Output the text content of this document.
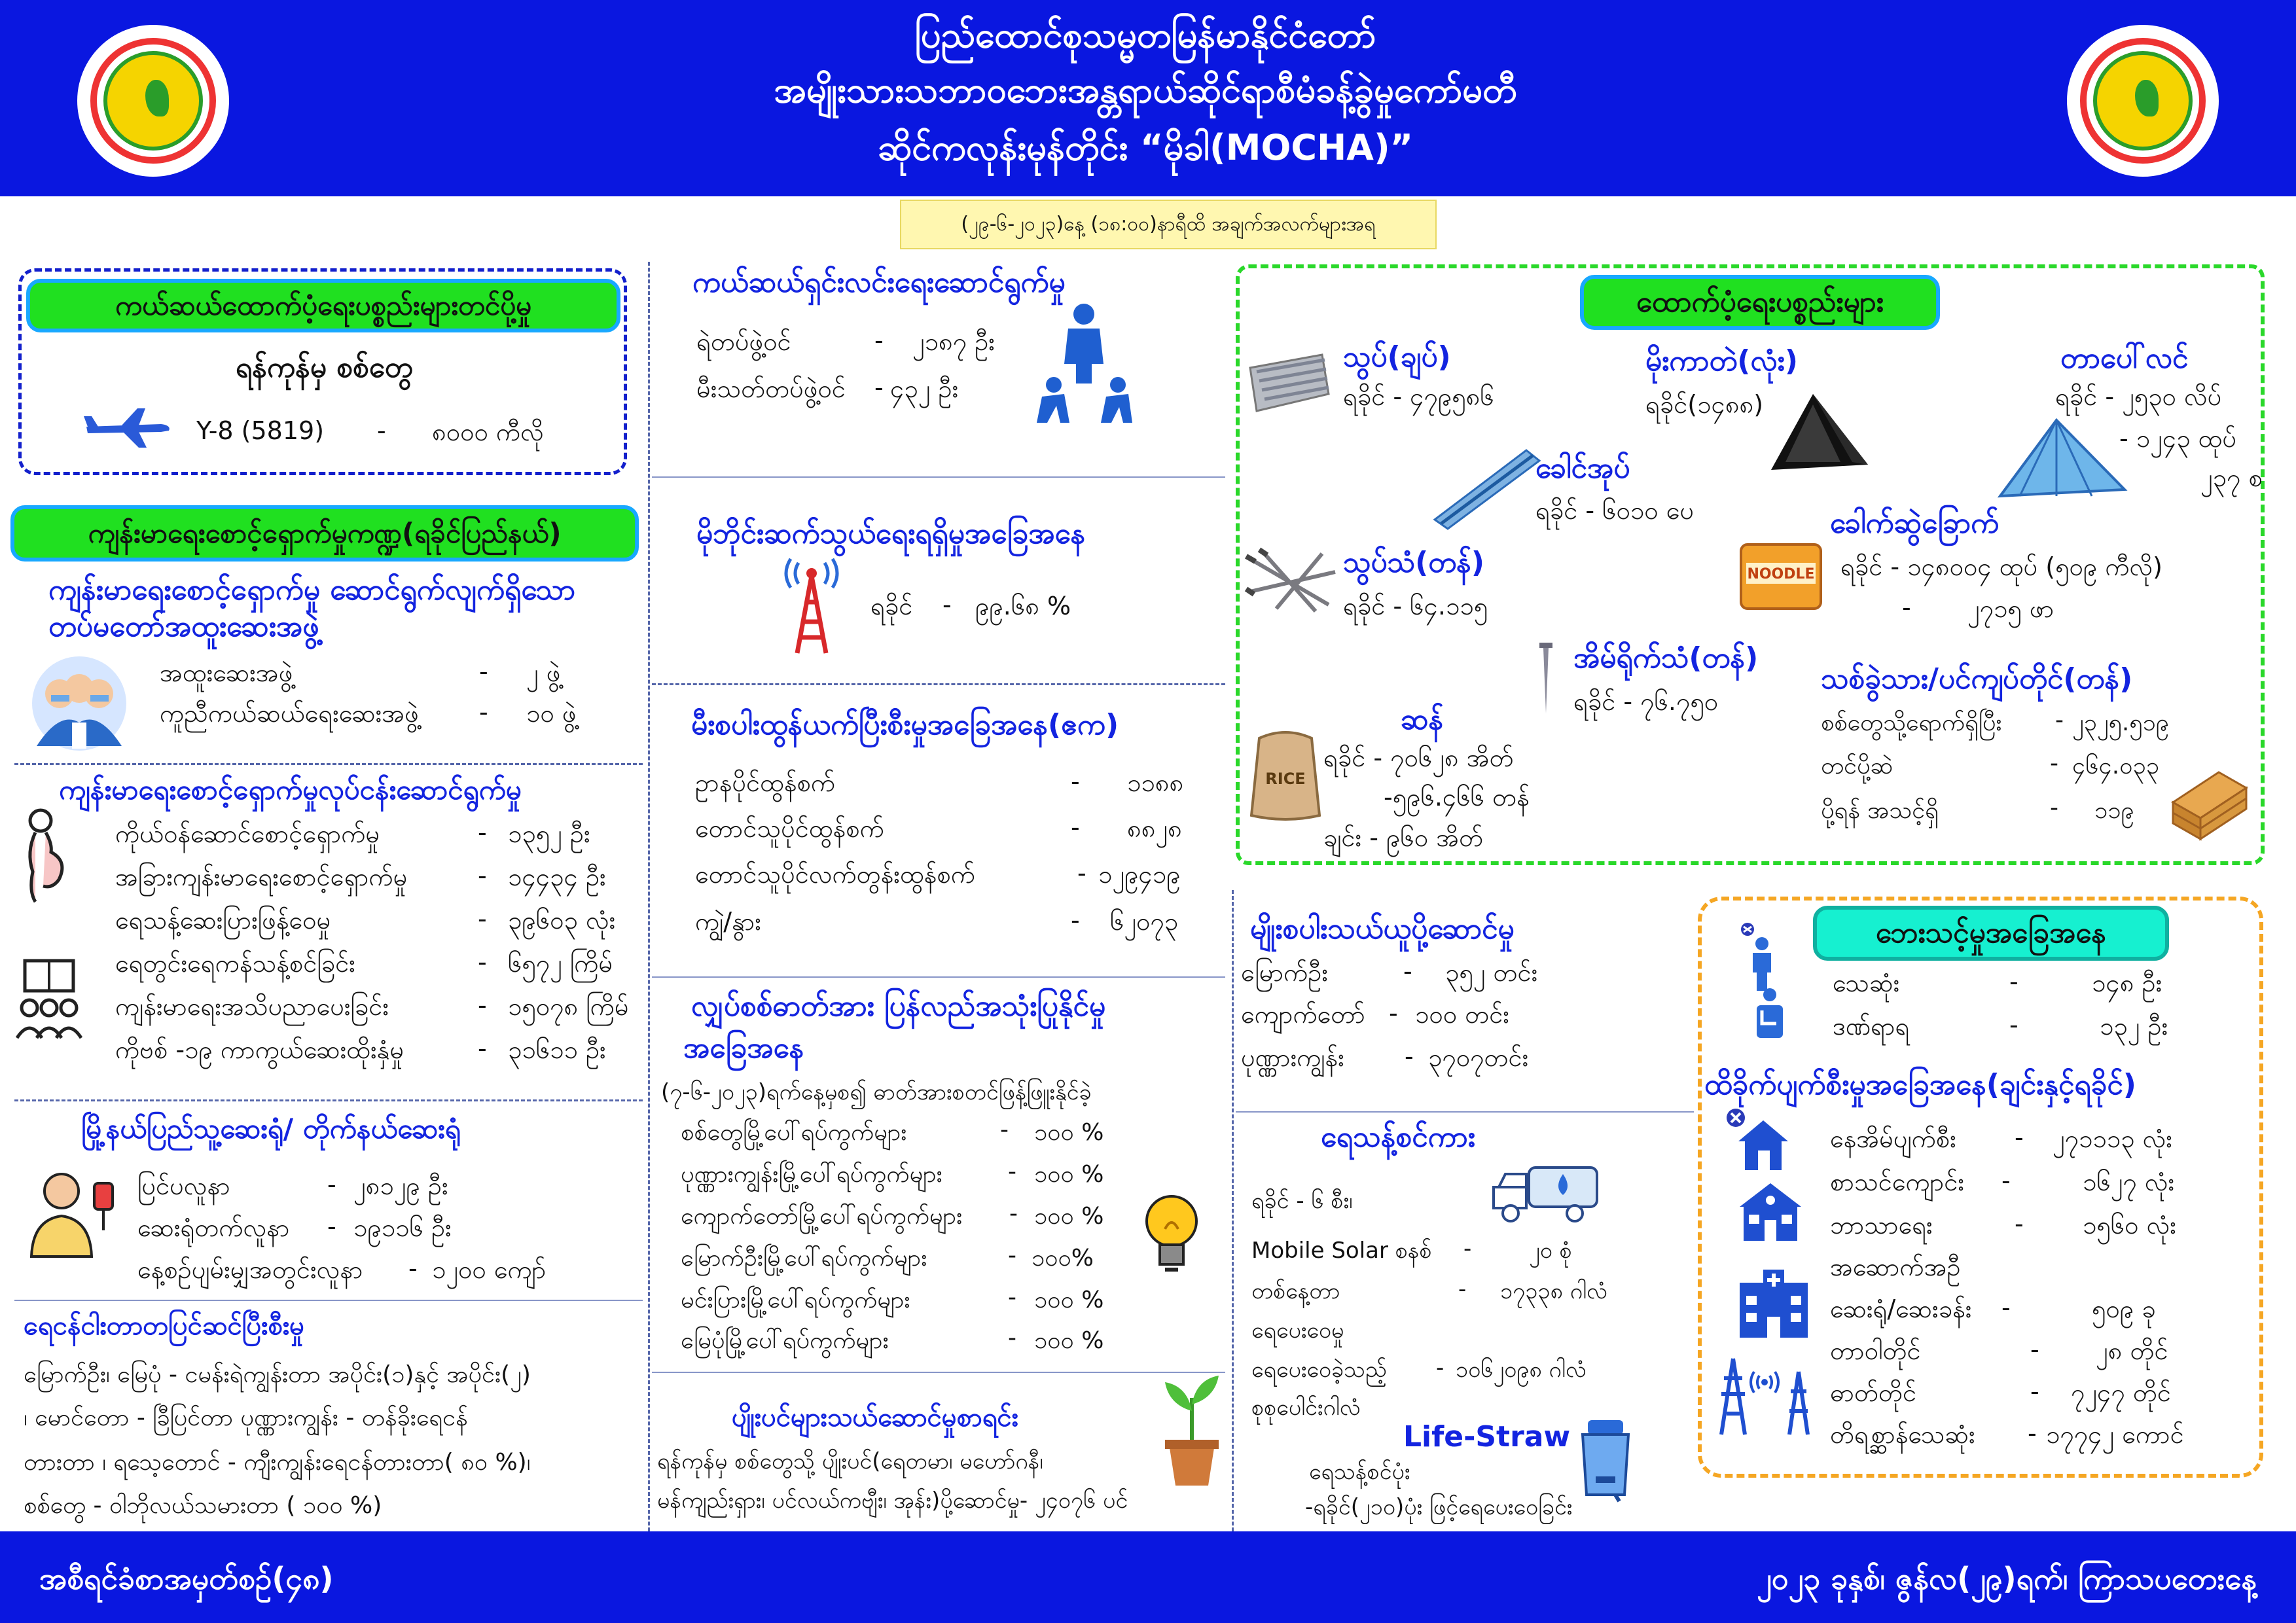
ပြည်ထောင်စုသမ္မတမြန်မာနိုင်ငံတော်
အမျိုးသားသဘာဝဘေးအန္တရာယ်ဆိုင်ရာစီမံခန့်ခွဲမှုကော်မတီ
ဆိုင်ကလုန်းမုန်တိုင်း “မိုခါ(MOCHA)”
(၂၉-၆-၂၀၂၃)နေ့ (၁၈:၀၀)နာရီထိ အချက်အလက်များအရ
ကယ်ဆယ်ထောက်ပံ့ရေးပစ္စည်းများတင်ပို့မှု
ရန်ကုန်မှ စစ်တွေ
Y-8 (5819) - ၈၀၀၀ ကီလို
ကျန်းမာရေးစောင့်ရှောက်မှုကဏ္ဍ(ရခိုင်ပြည်နယ်)
ကျန်းမာရေးစောင့်ရှောက်မှု ဆောင်ရွက်လျက်ရှိသော တပ်မတော်အထူးဆေးအဖွဲ့
အထူးဆေးအဖွဲ့	- ၂ ဖွဲ့
ကူညီကယ်ဆယ်ရေးဆေးအဖွဲ့ - ၁၀ ဖွဲ့
ကျန်းမာရေးစောင့်ရှောက်မှုလုပ်ငန်းဆောင်ရွက်မှု
ကိုယ်ဝန်ဆောင်စောင့်ရှောက်မှု	- ၁၃၅၂ ဦး
အခြားကျန်းမာရေးစောင့်ရှောက်မှု	- ၁၄၄၃၄ ဦး
ရေသန့်ဆေးပြားဖြန့်ဝေမှု	- ၃၉၆၀၃ လုံး
ရေတွင်းရေကန်သန့်စင်ခြင်း	- ၆၅၇၂ ကြိမ်
ကျန်းမာရေးအသိပညာပေးခြင်း	- ၁၅၀၇၈ ကြိမ်
ကိုဗစ် -၁၉ ကာကွယ်ဆေးထိုးနှံမှု	- ၃၁၆၁၁ ဦး
မြို့နယ်ပြည်သူ့ဆေးရုံ/ တိုက်နယ်ဆေးရုံ
ပြင်ပလူနာ	- ၂၈၁၂၉ ဦး
ဆေးရုံတက်လူနာ - ၁၉၁၁၆ ဦး
နေ့စဉ်ပျမ်းမျှအတွင်းလူနာ - ၁၂၀၀ ကျော်
ရေငန်ငါးတာတပြင်ဆင်ပြီးစီးမှု
မြောက်ဦး၊ မြေပုံ - ငမန်းရဲကျွန်းတာ အပိုင်း(၁)နှင့် အပိုင်း(၂)
၊ မောင်တော - ခြီပြင်တာ ပုဏ္ဏားကျွန်း - တန်ခိုးရေငန်
တားတာ ၊ ရသေ့တောင် - ကျီးကျွန်းရေငန်တားတာ( ၈၀ %)၊
စစ်တွေ - ဝါဘိုလယ်သမားတာ ( ၁၀၀ %)
ကယ်ဆယ်ရှင်းလင်းရေးဆောင်ရွက်မှု
ရဲတပ်ဖွဲ့ဝင်	- ၂၁၈၇ ဦး
မီးသတ်တပ်ဖွဲ့ဝင် - ၄၃၂ ဦး
မိုဘိုင်းဆက်သွယ်ရေးရရှိမှုအခြေအနေ
ရခိုင် - ၉၉.၆၈ %
မီးစပါးထွန်ယက်ပြီးစီးမှုအခြေအနေ(ဧက)
ဥာနပိုင်ထွန်စက်	- ၁၁၈၈
တောင်သူပိုင်ထွန်စက်	- ၈၈၂၈
တောင်သူပိုင်လက်တွန်းထွန်စက်	- ၁၂၉၄၁၉
ကျွဲ/နွား	- ၆၂၀၇၃
လျှပ်စစ်ဓာတ်အား ပြန်လည်အသုံးပြုနိုင်မှု
အခြေအနေ
(၇-၆-၂၀၂၃)ရက်နေ့မှစ၍ ဓာတ်အားစတင်ဖြန့်ဖြူးနိုင်ခဲ့
စစ်တွေမြို့ပေါ်ရပ်ကွက်များ	- ၁၀၀ %
ပုဏ္ဏားကျွန်းမြို့ပေါ်ရပ်ကွက်များ	- ၁၀၀ %
ကျောက်တော်မြို့ပေါ်ရပ်ကွက်များ - ၁၀၀ %
မြောက်ဦးမြို့ပေါ်ရပ်ကွက်များ	- ၁၀၀%
မင်းပြားမြို့ပေါ်ရပ်ကွက်များ	- ၁၀၀ %
မြေပုံမြို့ပေါ်ရပ်ကွက်များ	- ၁၀၀ %
ပျိုးပင်များသယ်ဆောင်မှုစာရင်း
ရန်ကုန်မှ စစ်တွေသို့ ပျိုးပင်(ရေတမာ၊ မဟော်ဂနီ၊
မန်ကျည်းရှား၊ ပင်လယ်ကဗျီး၊ အုန်း)ပို့ဆောင်မှု- ၂၄၀၇၆ ပင်
ထောက်ပံ့ရေးပစ္စည်းများ
သွပ်(ချပ်)
ရခိုင် - ၄၇၉၅၈၆
မိုးကာတဲ(လုံး)
ရခိုင်(၁၄၈၈)
တာပေါ်လင်
ရခိုင် - ၂၅၃၀ လိပ်
- ၁၂၄၃ ထုပ်
၂၃၇ စ
ခေါင်အုပ်
ရခိုင် - ၆၀၁၀ ပေ	ခေါက်ဆွဲခြောက်
ရခိုင် - ၁၄၈၀၀၄ ထုပ် (၅၀၉ ကီလို)
- ၂၇၁၅ ဖာ
NOODLE
သွပ်သံ(တန်)
ရခိုင် - ၆၄.၁၁၅
အိမ်ရိုက်သံ(တန်)
ရခိုင် - ၇၆.၇၅၀
သစ်ခွဲသား/ပင်ကျပ်တိုင်(တန်)
စစ်တွေသို့ရောက်ရှိပြီး - ၂၃၂၅.၅၁၉
တင်ပို့ဆဲ	- ၄၆၄.၀၃၃
ပို့ရန် အသင့်ရှိ	- ၁၁၉
RICE
ဆန်
ရခိုင် - ၇၀၆၂၈ အိတ်
-၅၉၆.၄၆၆ တန်
ချင်း - ၉၆၀ အိတ်
မျိုးစပါးသယ်ယူပို့ဆောင်မှု
မြောက်ဦး	- ၃၅၂ တင်း
ကျောက်တော် - ၁၀၀ တင်း
ပုဏ္ဏားကျွန်း - ၃၇၀၇တင်း
ရေသန့်စင်ကား
ရခိုင် - ၆ စီး၊
Mobile Solar စနစ် -	၂၀ စုံ
တစ်နေ့တာ	- ၁၇၃၃၈ ဂါလံ
ရေပေးဝေမှု
ရေပေးဝေခဲ့သည့် - ၁၀၆၂၀၉၈ ဂါလံ
စုစုပေါင်းဂါလံ
Life-Straw
ရေသန့်စင်ပုံး
-ရခိုင်(၂၁၀)ပုံး ဖြင့်ရေပေးဝေခြင်း
ဘေးသင့်မှုအခြေအနေ
သေဆုံး	-	၁၄၈ ဦး
ဒဏ်ရာရ	-	၁၃၂ ဦး
ထိခိုက်ပျက်စီးမှုအခြေအနေ(ချင်းနှင့်ရခိုင်)
နေအိမ်ပျက်စီး - ၂၇၁၁၁၃ လုံး
စာသင်ကျောင်း -	၁၆၂၇ လုံး
ဘာသာရေး	- ၁၅၆၀ လုံး
အဆောက်အဦ
ဆေးရုံ/ဆေးခန်း -	၅၀၉ ခု
တာဝါတိုင်	- ၂၈ တိုင်
ဓာတ်တိုင်	- ၇၂၄၇ တိုင်
တိရစ္ဆာန်သေဆုံး - ၁၇၇၄၂ ကောင်
အစီရင်ခံစာအမှတ်စဉ်(၄၈)	၂၀၂၃ ခုနှစ်၊ ဇွန်လ(၂၉)ရက်၊ ကြာသပတေးနေ့
